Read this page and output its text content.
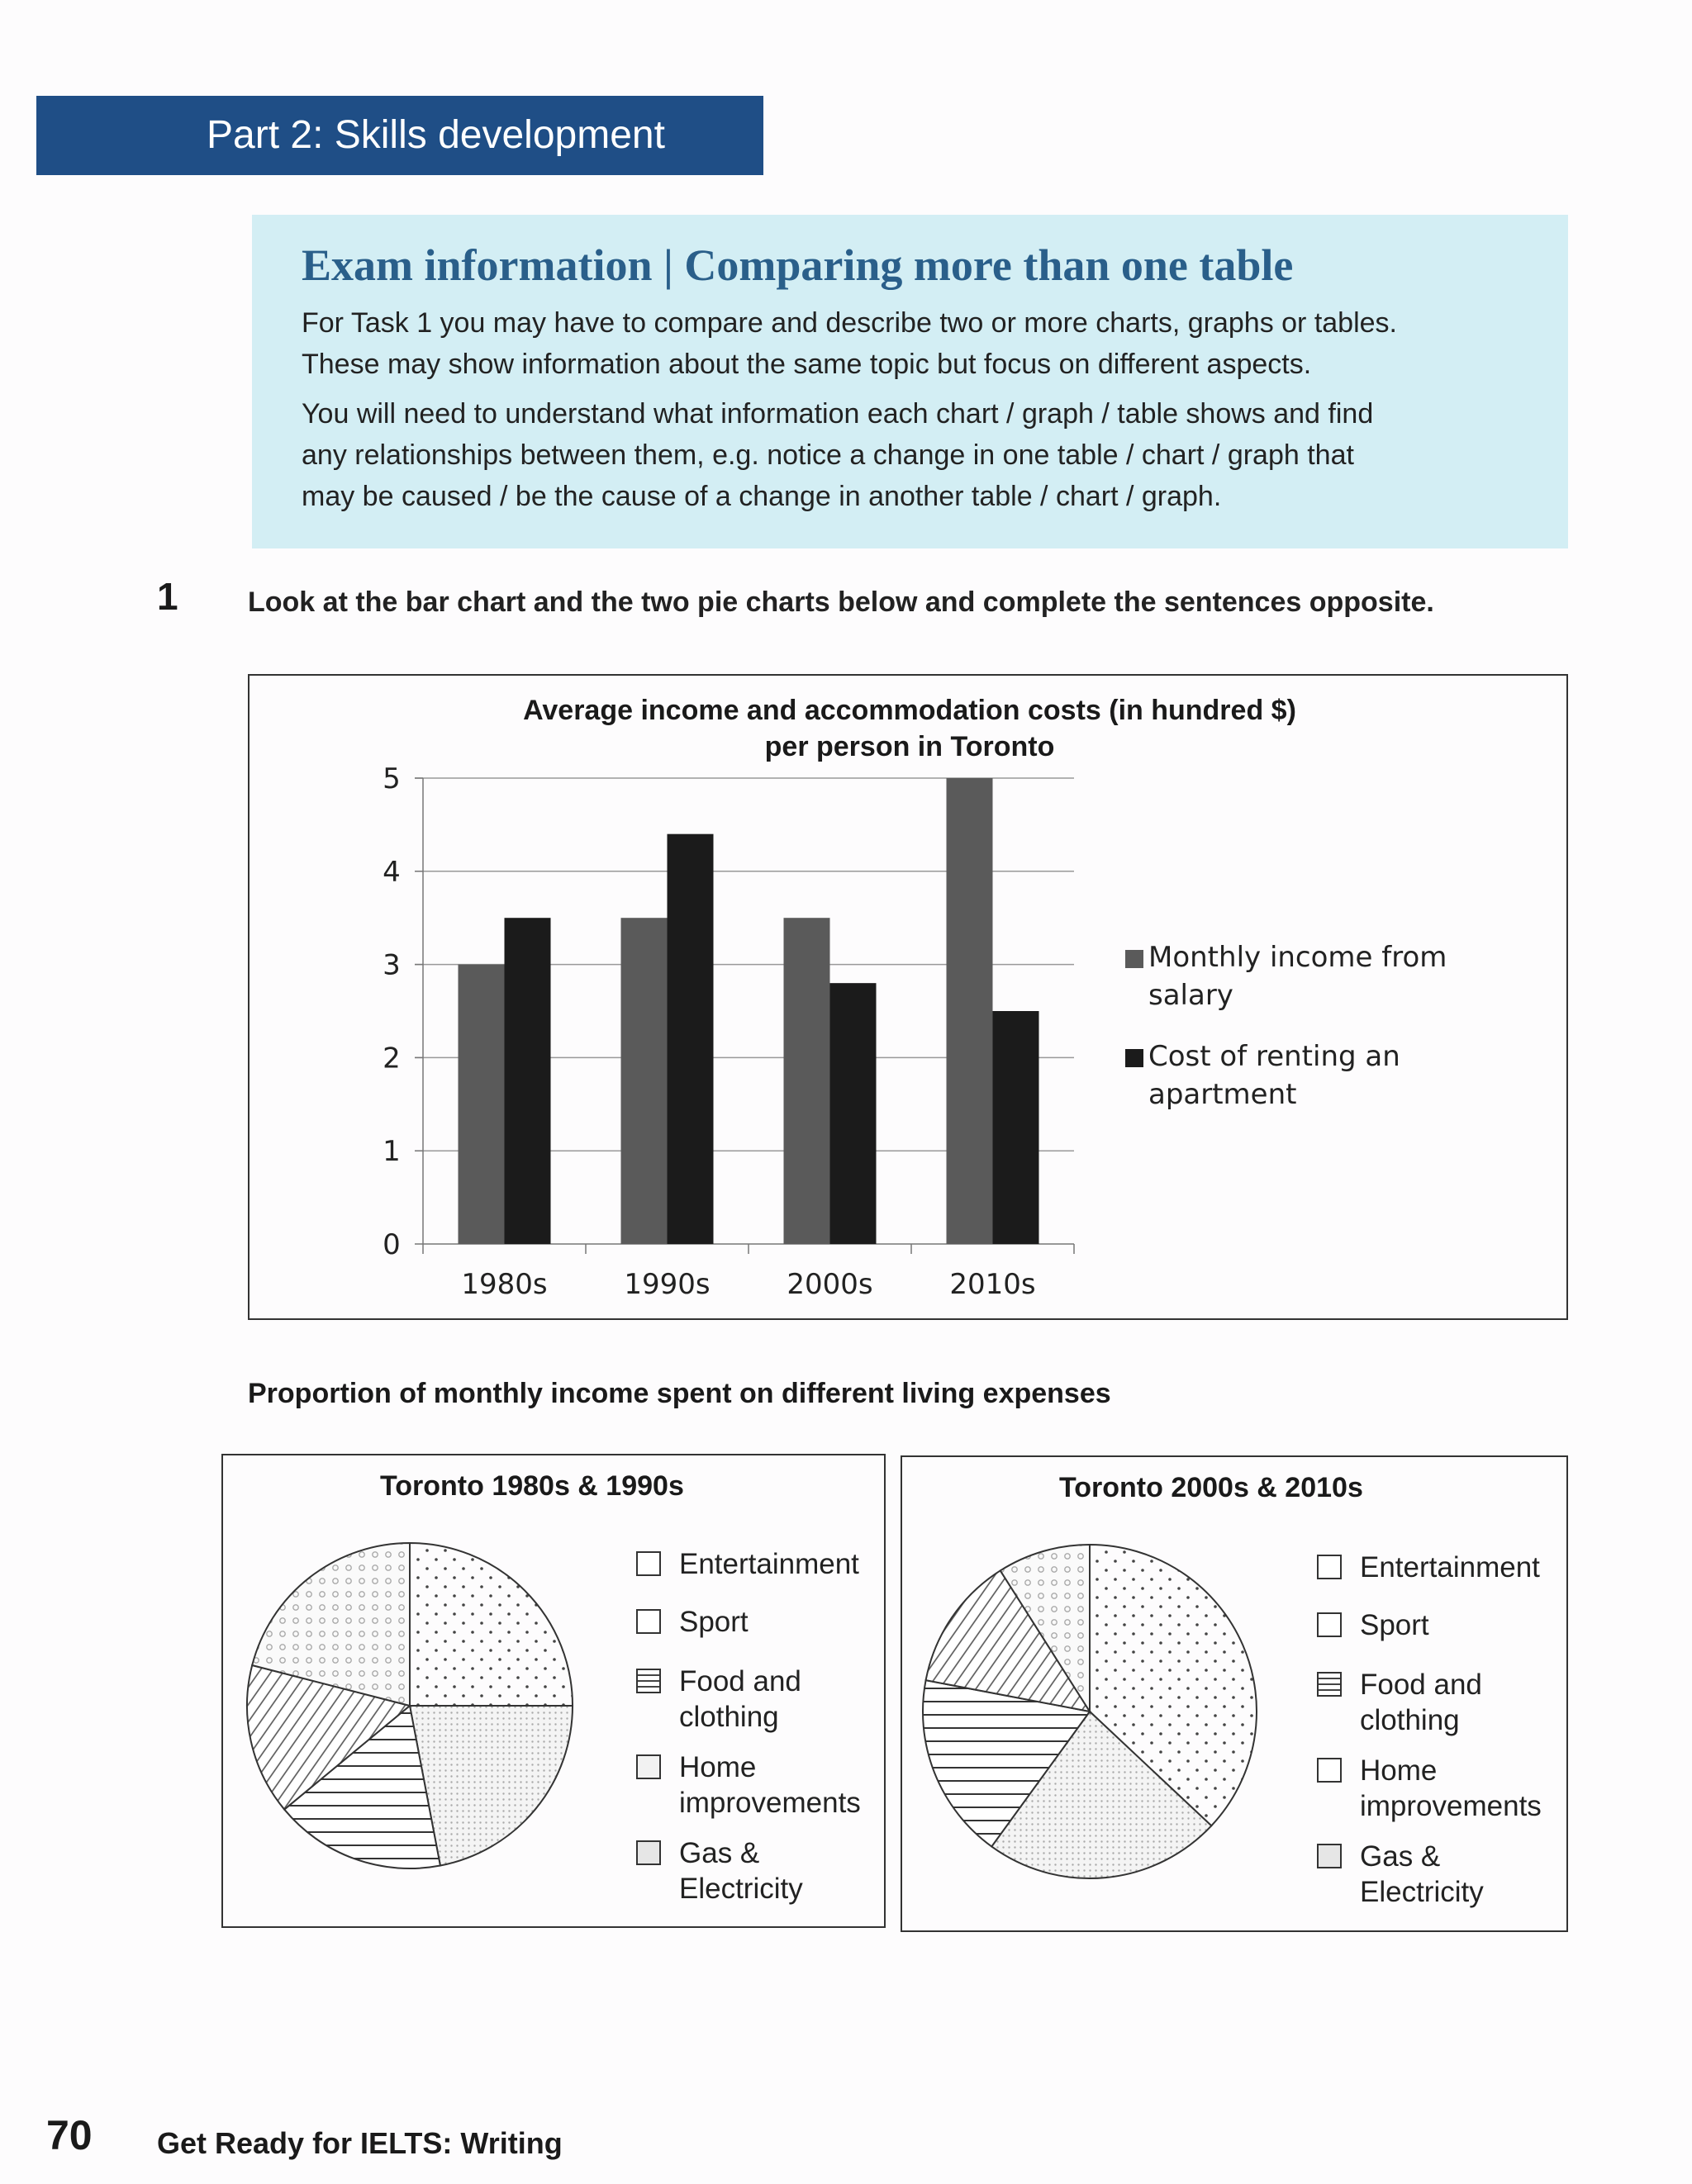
Part 2: Skills development
Exam information | Comparing more than one table

For Task 1 you may have to compare and describe two or more charts, graphs or tables.
These may show information about the same topic but focus on different aspects.

You will need to understand what information each chart / graph / table shows and find
any relationships between them, e.g. notice a change in one table / chart / graph that
may be caused / be the cause of a change in another table / chart / graph.

1 Look at the bar chart and the two pie charts below and complete the sentences opposite.
Average income and accommodation costs (in hundred $)
per person in Toronto
0
1
2
3
4
5
1980s	1990s	2000s	2010s
Monthly income from
salary
Cost of renting an
apartment
Proportion of monthly income spent on different living expenses
Toronto 1980s & 1990s
Entertainment
Sport
Food and
clothing
Home
improvements
Gas &
Electricity
Toronto 2000s & 2010s
Entertainment
Sport
Food and
clothing
Home
improvements
Gas &
Electricity
70 Get Ready for IELTS: Writing
